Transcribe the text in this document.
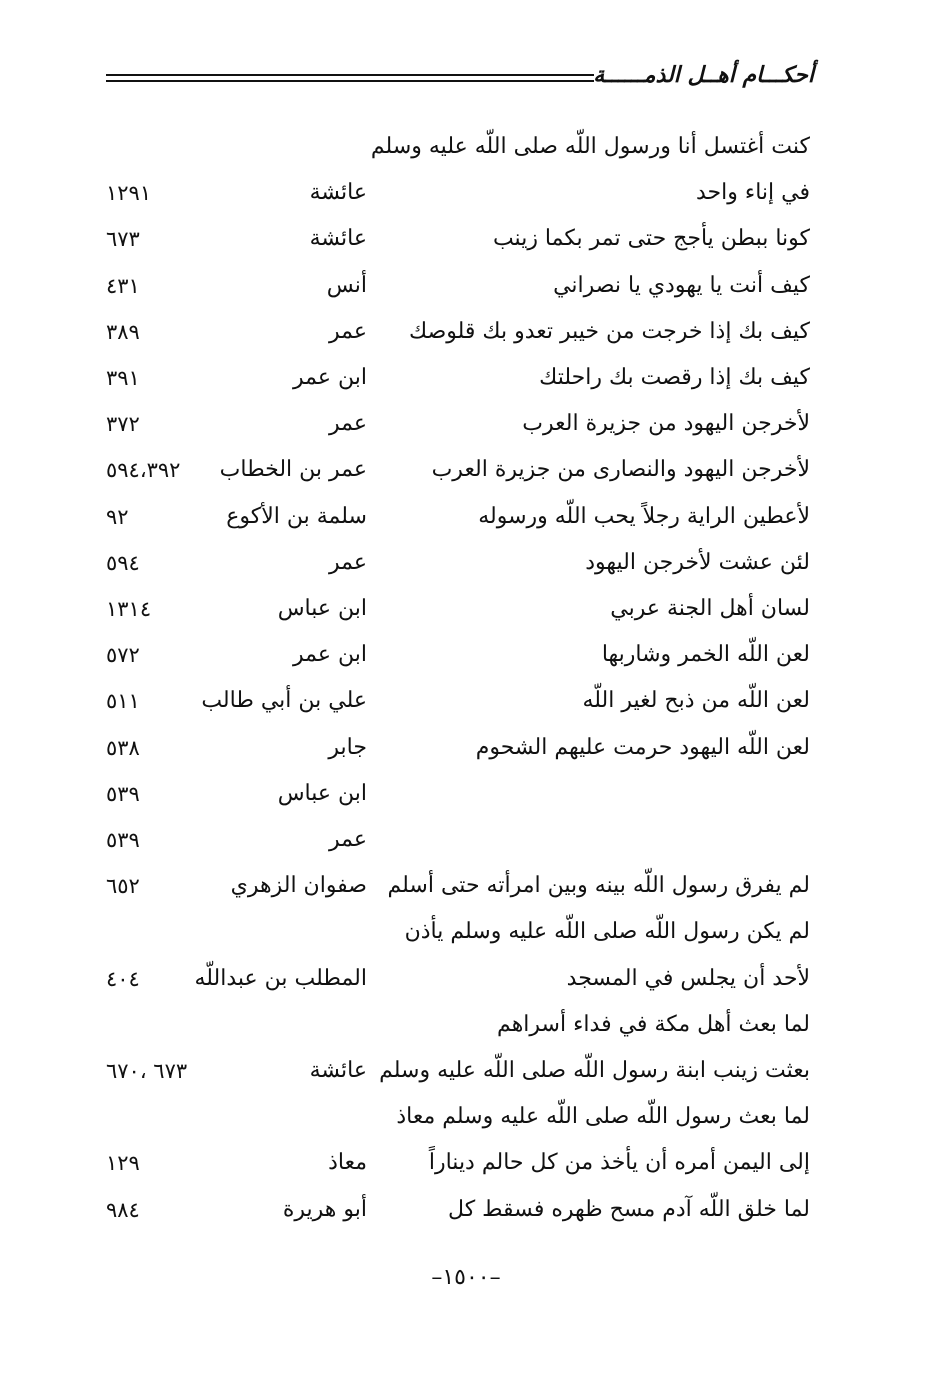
أحكـــام أهــل الذمــــــة
كنت أغتسل أنا ورسول اللّه صلى اللّه عليه وسلم
في إناء واحد
عائشة
١٢٩١
كونا ببطن يأجج حتى تمر بكما زينب
عائشة
٦٧٣
كيف أنت يا يهودي يا نصراني
أنس
٤٣١
كيف بك إذا خرجت من خيبر تعدو بك قلوصك
عمر
٣٨٩
كيف بك إذا رقصت بك راحلتك
ابن عمر
٣٩١
لأخرجن اليهود من جزيرة العرب
عمر
٣٧٢
لأخرجن اليهود والنصارى من جزيرة العرب
عمر بن الخطاب
٥٩٤،٣٩٢
لأعطين الراية رجلاً يحب اللّه ورسوله
سلمة بن الأكوع
٩٢
لئن عشت لأخرجن اليهود
عمر
٥٩٤
لسان أهل الجنة عربي
ابن عباس
١٣١٤
لعن اللّه الخمر وشاربها
ابن عمر
٥٧٢
لعن اللّه من ذبح لغير اللّه
علي بن أبي طالب
٥١١
لعن اللّه اليهود حرمت عليهم الشحوم
جابر
٥٣٨
ابن عباس
٥٣٩
عمر
٥٣٩
لم يفرق رسول اللّه بينه وبين امرأته حتى أسلم
صفوان الزهري
٦٥٢
لم يكن رسول اللّه صلى اللّه عليه وسلم يأذن
لأحد أن يجلس في المسجد
المطلب بن عبداللّه
٤٠٤
لما بعث أهل مكة في فداء أسراهم
بعثت زينب ابنة رسول اللّه صلى اللّه عليه وسلم
عائشة
٦٧٣ ،٦٧٠
لما بعث رسول اللّه صلى اللّه عليه وسلم معاذ
إلى اليمن أمره أن يأخذ من كل حالم ديناراً
معاذ
١٢٩
لما خلق اللّه آدم مسح ظهره فسقط كل
أبو هريرة
٩٨٤
–١٥٠٠–
